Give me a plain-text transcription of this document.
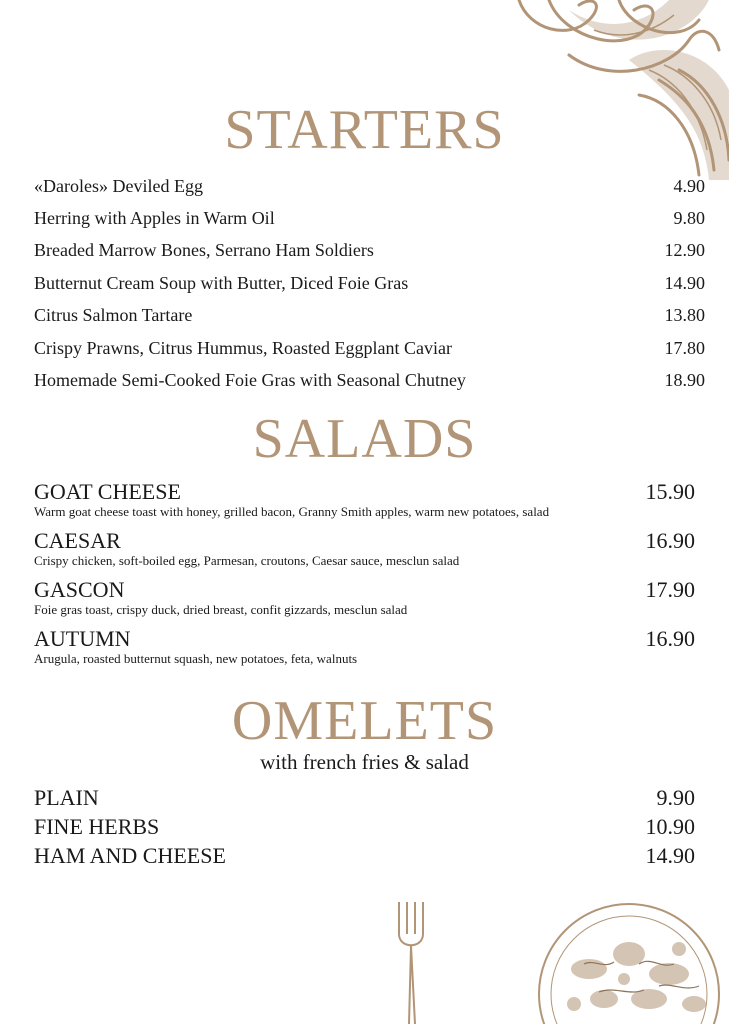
STARTERS
«Daroles» Deviled Egg	4.90
Herring with Apples in Warm Oil	9.80
Breaded Marrow Bones, Serrano Ham Soldiers	12.90
Butternut Cream Soup with Butter, Diced Foie Gras	14.90
Citrus Salmon Tartare	13.80
Crispy Prawns, Citrus Hummus, Roasted Eggplant Caviar	17.80
Homemade Semi-Cooked Foie Gras with Seasonal Chutney	18.90
SALADS
GOAT CHEESE	15.90
Warm goat cheese toast with honey, grilled bacon, Granny Smith apples, warm new potatoes, salad
CAESAR	16.90
Crispy chicken, soft-boiled egg, Parmesan, croutons, Caesar sauce, mesclun salad
GASCON	17.90
Foie gras toast, crispy duck, dried breast, confit gizzards, mesclun salad
AUTUMN	16.90
Arugula, roasted butternut squash, new potatoes, feta, walnuts
OMELETS
with french fries & salad
PLAIN	9.90
FINE HERBS	10.90
HAM AND CHEESE	14.90
